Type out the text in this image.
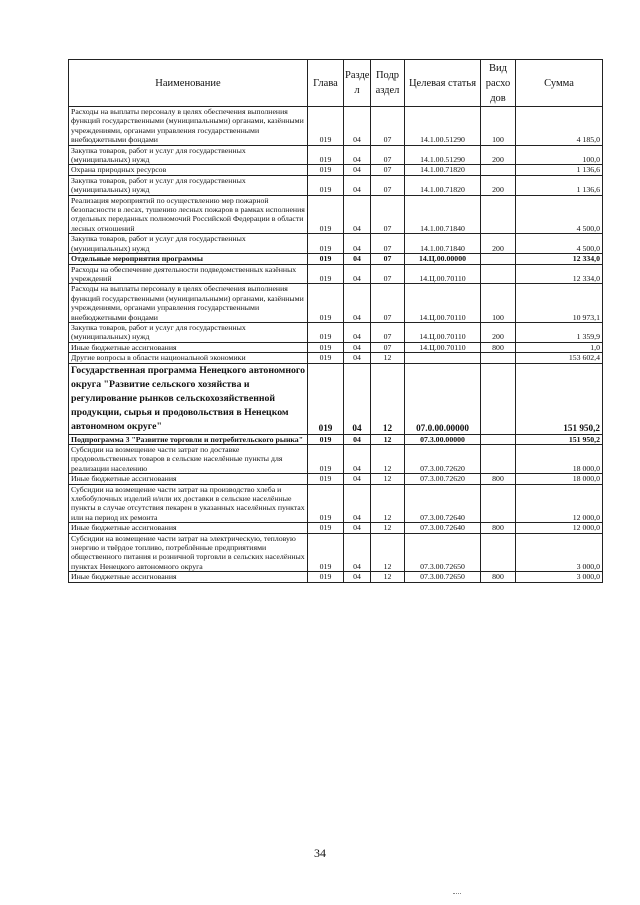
Наименование	Глава	Разде л	Подр аздел	Целевая статья	Вид расхо дов	Сумма
Расходы на выплаты персоналу в целях обеспечения выполнения функций государственными (муниципальными) органами, казёнными учреждениями, органами управления государственными внебюджетными фондами	019	04	07	14.1.00.51290	100	4 185,0
Закупка товаров, работ и услуг для государственных (муниципальных) нужд	019	04	07	14.1.00.51290	200	100,0
Охрана природных ресурсов	019	04	07	14.1.00.71820		1 136,6
Закупка товаров, работ и услуг для государственных (муниципальных) нужд	019	04	07	14.1.00.71820	200	1 136,6
Реализация мероприятий по осуществлению мер пожарной безопасности в лесах, тушению лесных пожаров в рамках исполнения отдельных переданных полномочий Российской Федерации в области лесных отношений	019	04	07	14.1.00.71840		4 500,0
Закупка товаров, работ и услуг для государственных (муниципальных) нужд	019	04	07	14.1.00.71840	200	4 500,0
Отдельные мероприятия программы	019	04	07	14.Ц.00.00000		12 334,0
Расходы на обеспечение деятельности подведомственных казённых учреждений	019	04	07	14.Ц.00.70110		12 334,0
Расходы на выплаты персоналу в целях обеспечения выполнения функций государственными (муниципальными) органами, казёнными учреждениями, органами управления государственными внебюджетными фондами	019	04	07	14.Ц.00.70110	100	10 973,1
Закупка товаров, работ и услуг для государственных (муниципальных) нужд	019	04	07	14.Ц.00.70110	200	1 359,9
Иные бюджетные ассигнования	019	04	07	14.Ц.00.70110	800	1,0
Другие вопросы в области национальной экономики	019	04	12			153 602,4
Государственная программа Ненецкого автономного округа "Развитие сельского хозяйства и регулирование рынков сельскохозяйственной продукции, сырья и продовольствия в Ненецком автономном округе"	019	04	12	07.0.00.00000		151 950,2
Подпрограмма 3 "Развитие торговли и потребительского рынка"	019	04	12	07.3.00.00000		151 950,2
Субсидии на возмещение части затрат по доставке продовольственных товаров в сельские населённые пункты для реализации населению	019	04	12	07.3.00.72620		18 000,0
Иные бюджетные ассигнования	019	04	12	07.3.00.72620	800	18 000,0
Субсидии на возмещение части затрат на производство хлеба и хлебобулочных изделий и/или их доставки в сельские населённые пункты в случае отсутствия пекарен в указанных населённых пунктах или на период их ремонта	019	04	12	07.3.00.72640		12 000,0
Иные бюджетные ассигнования	019	04	12	07.3.00.72640	800	12 000,0
Субсидии на возмещение части затрат на электрическую, тепловую энергию и твёрдое топливо, потреблённые предприятиями общественного питания и розничной торговли в сельских населённых пунктах Ненецкого автономного округа	019	04	12	07.3.00.72650		3 000,0
Иные бюджетные ассигнования	019	04	12	07.3.00.72650	800	3 000,0
34
